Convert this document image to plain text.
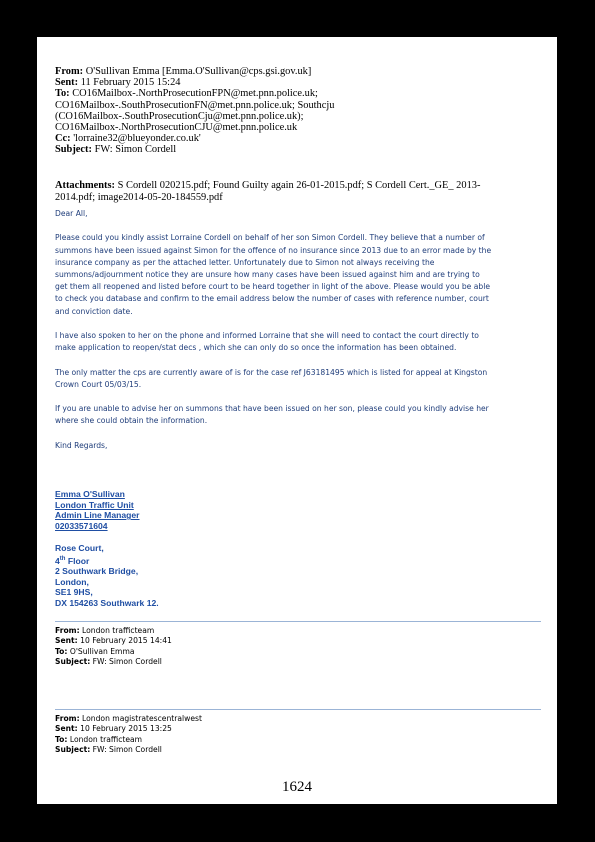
From: O'Sullivan Emma [Emma.O'Sullivan@cps.gsi.gov.uk]
Sent: 11 February 2015 15:24
To: CO16Mailbox-.NorthProsecutionFPN@met.pnn.police.uk;
CO16Mailbox-.SouthProsecutionFN@met.pnn.police.uk; Southcju
(CO16Mailbox-.SouthProsecutionCju@met.pnn.police.uk);
CO16Mailbox-.NorthProsecutionCJU@met.pnn.police.uk
Cc: 'lorraine32@blueyonder.co.uk'
Subject: FW: Simon Cordell
Attachments: S Cordell 020215.pdf; Found Guilty again 26-01-2015.pdf; S Cordell Cert._GE_ 2013-
2014.pdf; image2014-05-20-184559.pdf

Dear All,

Please could you kindly assist Lorraine Cordell on behalf of her son Simon Cordell. They believe that a number of
summons have been issued against Simon for the offence of no insurance since 2013 due to an error made by the
insurance company as per the attached letter. Unfortunately due to Simon not always receiving the
summons/adjournment notice they are unsure how many cases have been issued against him and are trying to
get them all reopened and listed before court to be heard together in light of the above. Please would you be able
to check you database and confirm to the email address below the number of cases with reference number, court
and conviction date.

I have also spoken to her on the phone and informed Lorraine that she will need to contact the court directly to
make application to reopen/stat decs , which she can only do so once the information has been obtained.

The only matter the cps are currently aware of is for the case ref J63181495 which is listed for appeal at Kingston
Crown Court 05/03/15.

If you are unable to advise her on summons that have been issued on her son, please could you kindly advise her
where she could obtain the information.

Kind Regards,

Emma O'Sullivan
London Traffic Unit
Admin Line Manager
02033571604
Rose Court,
4th Floor
2 Southwark Bridge,
London,
SE1 9HS,
DX 154263 Southwark 12.
From: London trafficteam
Sent: 10 February 2015 14:41
To: O'Sullivan Emma
Subject: FW: Simon Cordell
From: London magistratescentralwest
Sent: 10 February 2015 13:25
To: London trafficteam
Subject: FW: Simon Cordell
1624
